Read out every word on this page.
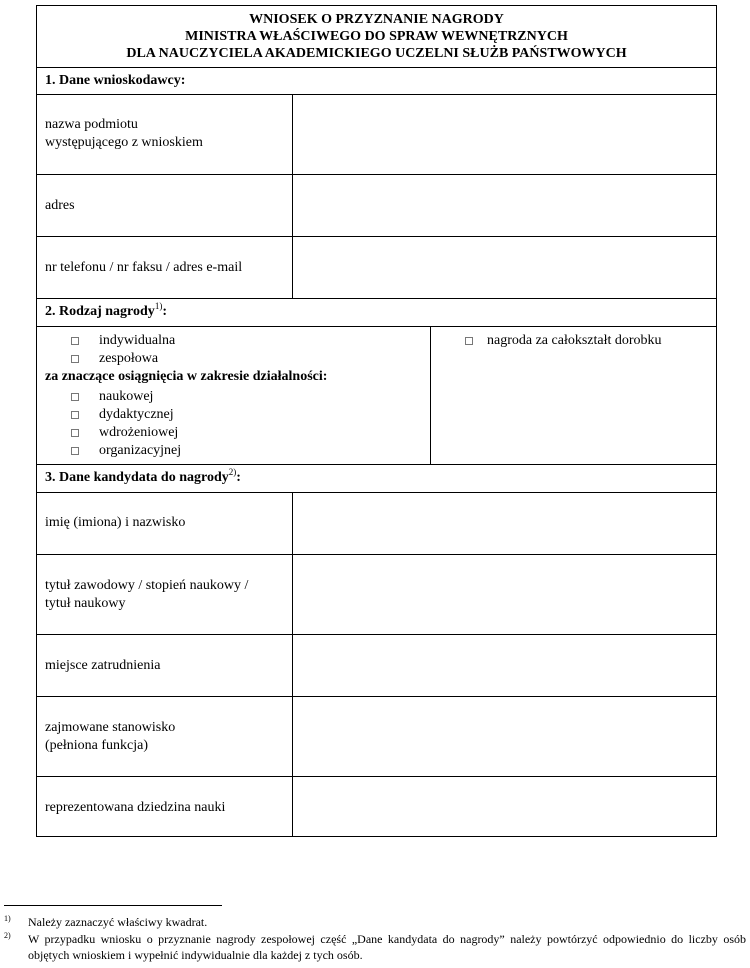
WNIOSEK O PRZYZNANIE NAGRODY
MINISTRA WŁAŚCIWEGO DO SPRAW WEWNĘTRZNYCH
DLA NAUCZYCIELA AKADEMICKIEGO UCZELNI SŁUŻB PAŃSTWOWYCH
1. Dane wnioskodawcy:
nazwa podmiotu
występującego z wnioskiem
adres
nr telefonu / nr faksu / adres e-mail
2. Rodzaj nagrody$^{1)}$:
indywidualna
zespołowa
za znaczące osiągnięcia w zakresie działalności:
naukowej
dydaktycznej
wdrożeniowej
organizacyjnej
nagroda za całokształt dorobku
3. Dane kandydata do nagrody$^{2)}$:
imię (imiona) i nazwisko
tytuł zawodowy / stopień naukowy /
tytuł naukowy
miejsce zatrudnienia
zajmowane stanowisko
(pełniona funkcja)
reprezentowana dziedzina nauki
1) Należy zaznaczyć właściwy kwadrat.
2) W przypadku wniosku o przyznanie nagrody zespołowej część „Dane kandydata do nagrody” należy powtórzyć odpowiednio do liczby osób objętych wnioskiem i wypełnić indywidualnie dla każdej z tych osób.
